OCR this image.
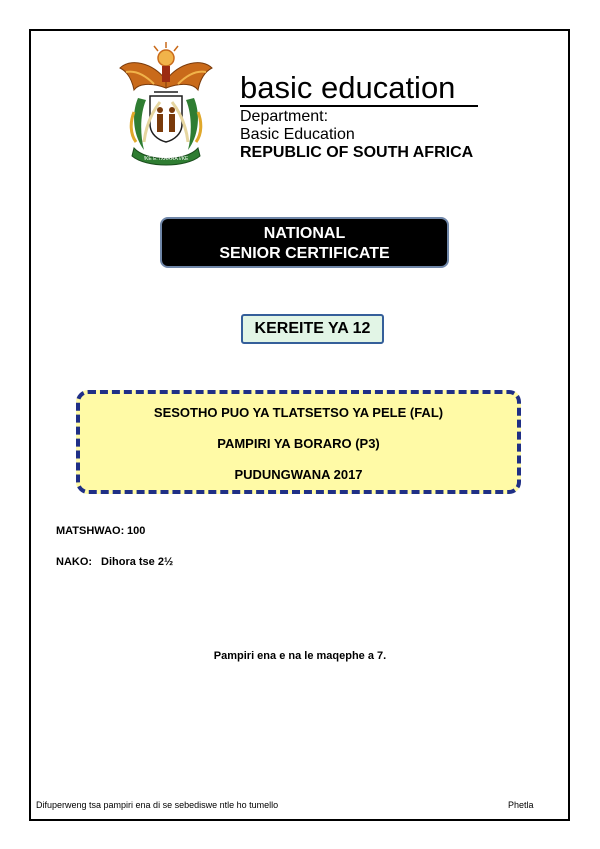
!KE E: /XARRA //KE
basic education
Department:
Basic Education
REPUBLIC OF SOUTH AFRICA
NATIONAL
SENIOR CERTIFICATE
KEREITE YA 12
SESOTHO PUO YA TLATSETSO YA PELE (FAL)
PAMPIRI YA BORARO (P3)
PUDUNGWANA 2017
MATSHWAO: 100
NAKO: Dihora tse 2½
Pampiri ena e na le maqephe a 7.
Difuperweng tsa pampiri ena di se sebediswe ntle ho tumello	Phetla
